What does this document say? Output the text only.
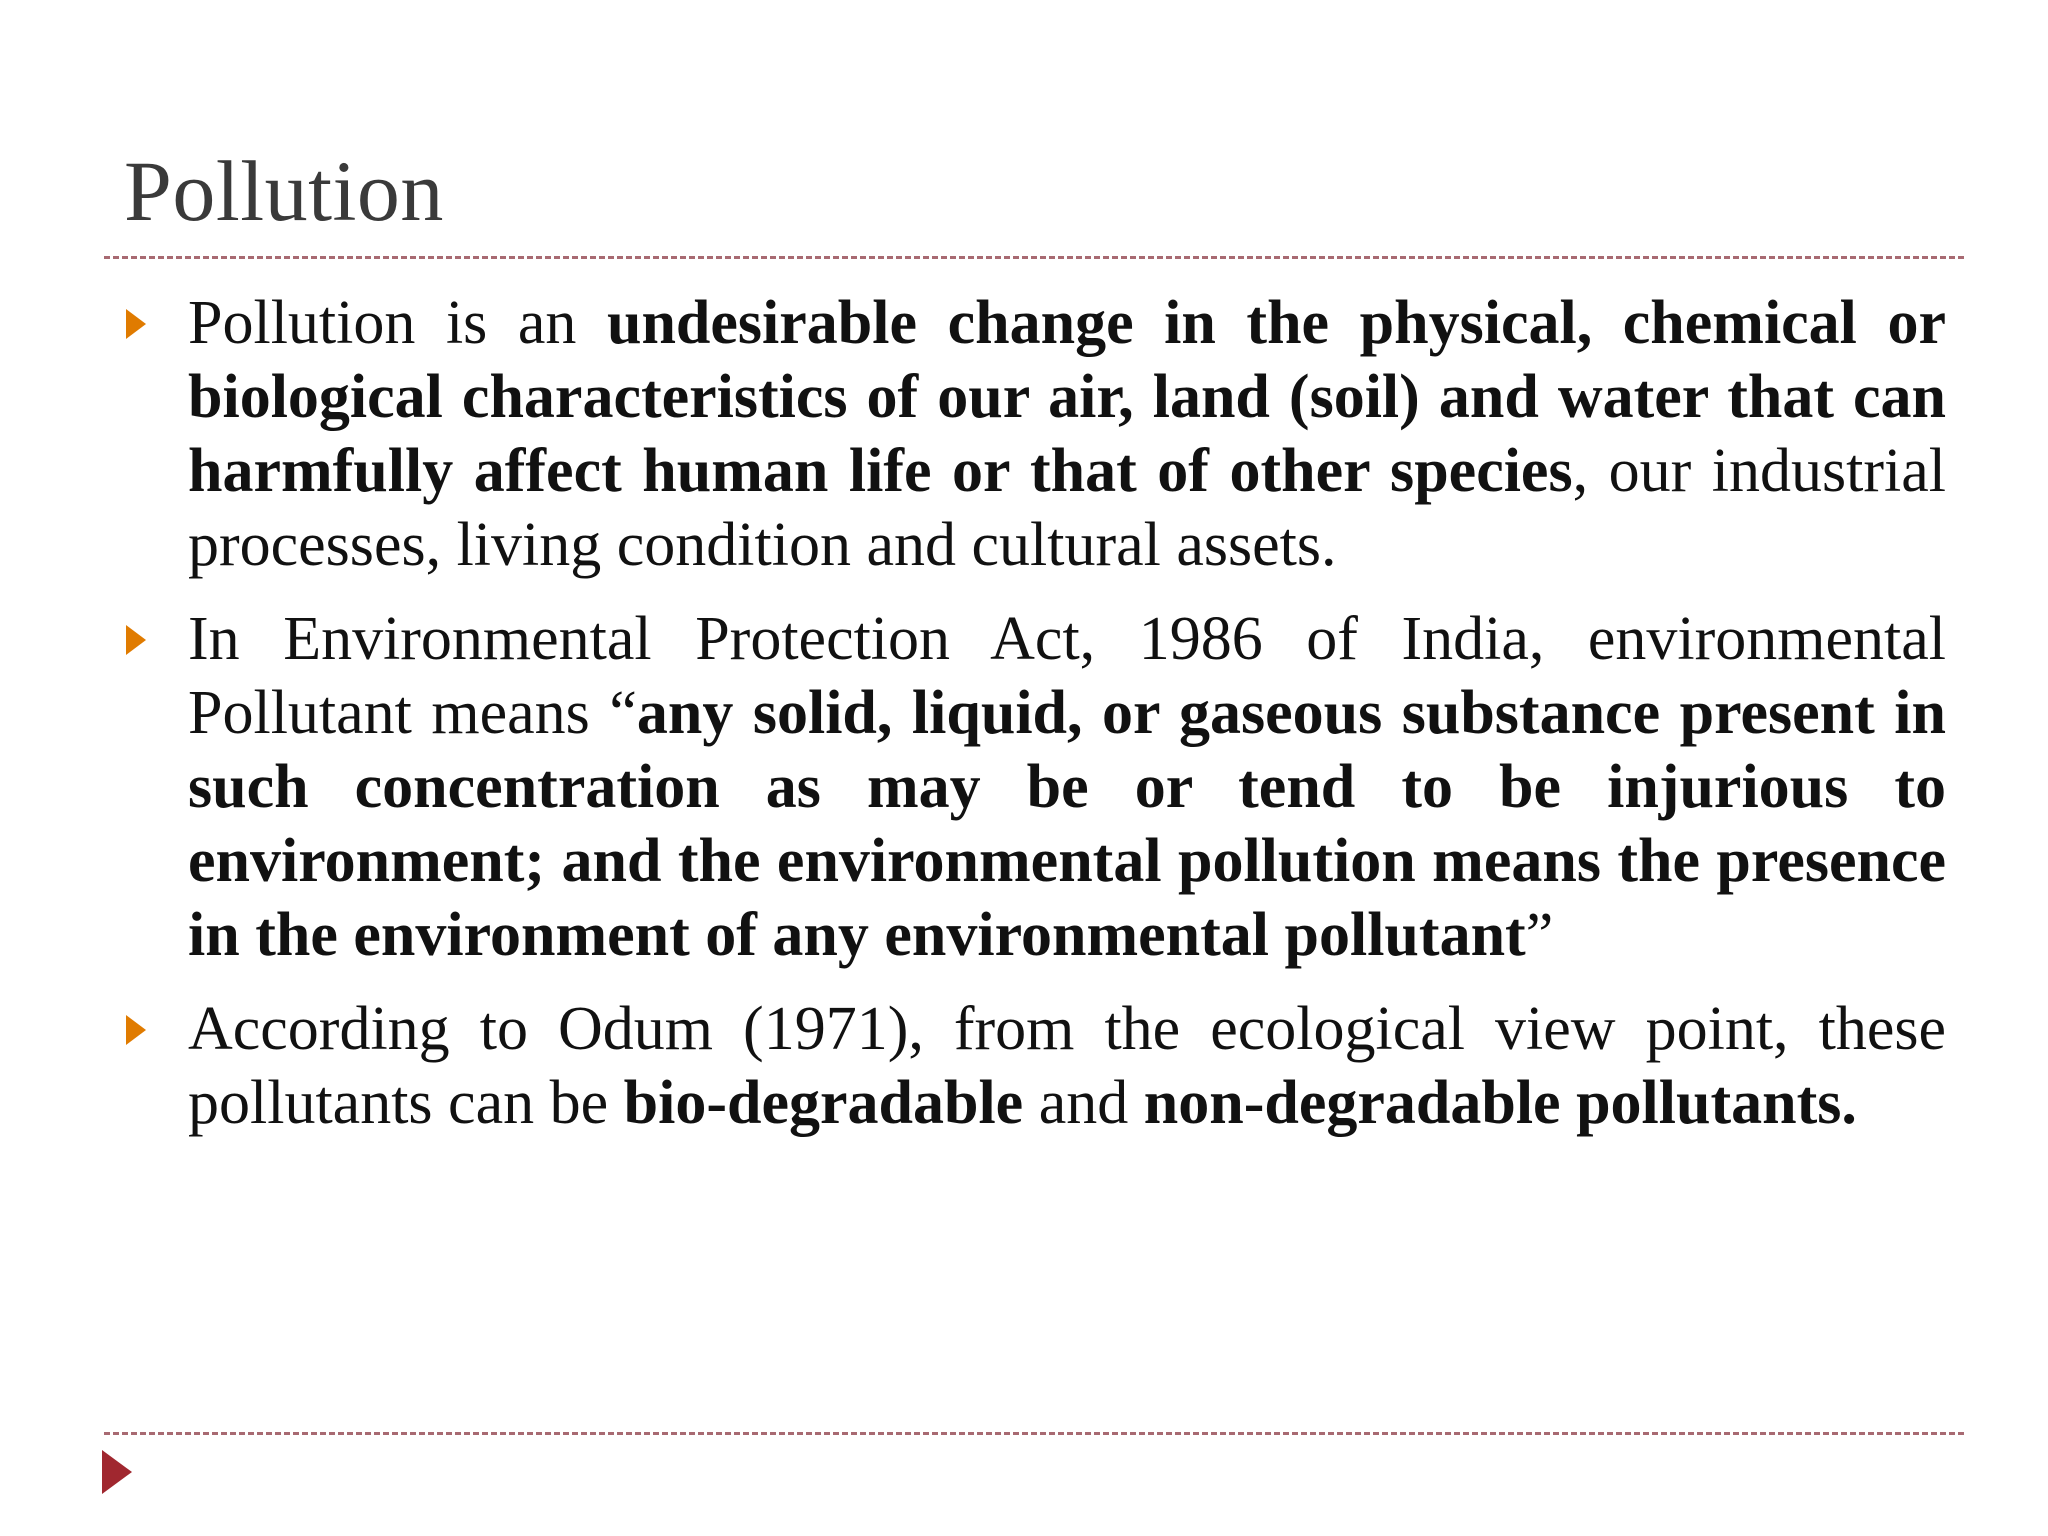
Pollution
Pollution is an undesirable change in the physical, chemical or biological characteristics of our air, land (soil) and water that can harmfully affect human life or that of other species, our industrial processes, living condition and cultural assets.
In Environmental Protection Act, 1986 of India, environmental Pollutant means “any solid, liquid, or gaseous substance present in such concentration as may be or tend to be injurious to environment; and the environmental pollution means the presence in the environment of any environmental pollutant”
According to Odum (1971), from the ecological view point, these pollutants can be bio-degradable and non-degradable pollutants.
